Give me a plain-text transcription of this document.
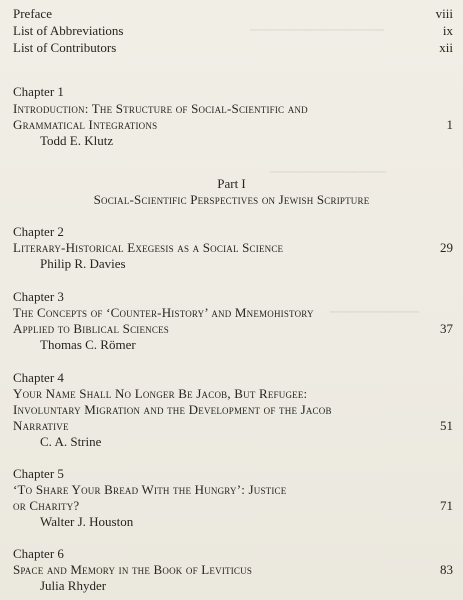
▁▁▁▁▁▁▁▁▁▁▁▁▁▁▁
▁▁▁▁▁▁▁▁▁▁▁▁▁
▁▁▁▁▁▁▁▁▁▁
Preface	viii
List of Abbreviations	ix
List of Contributors	xii
Chapter 1
Introduction: The Structure of Social-Scientific and
Grammatical Integrations	1
Todd E. Klutz
Part I
Social-Scientific Perspectives on Jewish Scripture
Chapter 2
Literary-Historical Exegesis as a Social Science	29
Philip R. Davies
Chapter 3
The Concepts of ‘Counter-History’ and Mnemohistory
Applied to Biblical Sciences	37
Thomas C. Römer
Chapter 4
Your Name Shall No Longer Be Jacob, But Refugee:
Involuntary Migration and the Development of the Jacob
Narrative	51
C. A. Strine
Chapter 5
‘To Share Your Bread With the Hungry’: Justice
or Charity?	71
Walter J. Houston
Chapter 6
Space and Memory in the Book of Leviticus	83
Julia Rhyder
